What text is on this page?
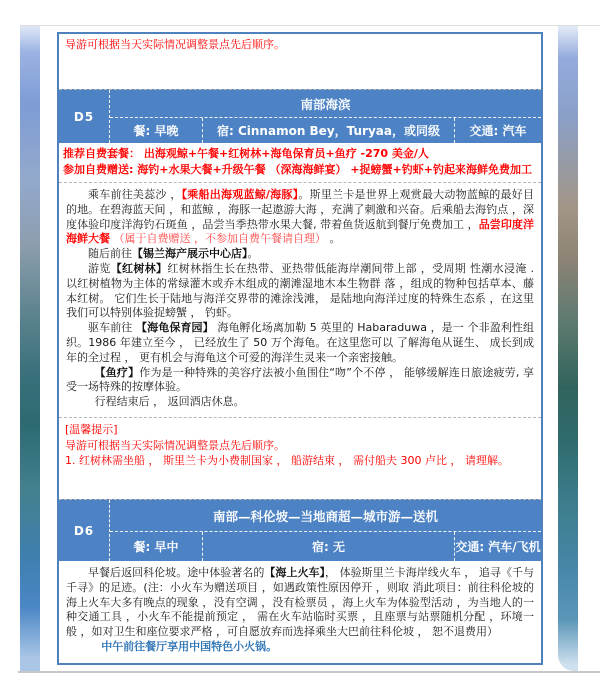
导游可根据当天实际情况调整景点先后顺序。
D5
南部海滨
餐: 早晚	宿: Cinnamon Bey，Turyaa，或同级	交通: 汽车
推荐自费套餐： 出海观鲸+午餐+红树林+海龟保育员+鱼疗 -270 美金/人
参加自费赠送: 海钓+水果大餐+升级午餐 （深海海鲜宴） +捉螃蟹+钓虾+钓起来海鲜免费加工

乘车前往美蕊沙 ，【乘船出海观蓝鲸/海豚】。斯里兰卡是世界上观赏最大动物蓝鲸的最好目的地。在碧海蓝天间 ，和蓝鲸 ，海豚一起遨游大海 ，充满了刺激和兴奋。后乘船去海钓点 ，深度体验印度洋海钓石斑鱼 ，品尝当季热带水果大餐, 带着鱼货返航到餐厅免费加工 ，品尝印度洋海鲜大餐 （属于自费赠送 ，不参加自费午餐请自理） 。

随后前往【锡兰海产展示中心店】。

游览【红树林】红树林指生长在热带、亚热带低能海岸潮间带上部 ，受周期 性潮水浸淹 . 以红树植物为主体的常绿灌木或乔木组成的潮滩湿地木本生物群 落 ，组成的物种包括草本、藤本红树。 它们生长于陆地与海洋交界带的滩涂浅滩， 是陆地向海洋过度的特殊生态系 ，在这里我们可以特别体验捉螃蟹 ， 钓虾。

驱车前往 【海龟保育园】 海龟孵化场离加勒 5 英里的 Habaraduwa ，是一 个非盈利性组织。1986 年建立至今 ， 已经放生了 50 万个海龟。在这里您可以 了解海龟从诞生、 成长到成年的全过程 ， 更有机会与海龟这个可爱的海洋生灵来一个亲密接触。

【鱼疗】作为是一种特殊的美容疗法被小鱼围住“吻”个不停 ， 能够缓解连日旅途疲劳, 享受一场特殊的按摩体验。

行程结束后 ， 返回酒店休息。

[温馨提示]
导游可根据当天实际情况调整景点先后顺序。
1. 红树林需坐船 ， 斯里兰卡为小费制国家 ， 船游结束 ， 需付船夫 300 卢比 ， 请理解。
D6
南部—科伦坡—当地商超—城市游—送机
餐: 早中	宿: 无	交通: 汽车/飞机

早餐后返回科伦坡。途中体验著名的【海上火车】， 体验斯里兰卡海岸线火车 ， 追寻《千与千寻》的足迹。(注：小火车为赠送项目 ，如遇政策性原因停开 ，则取 消此项目：前往科伦坡的海上火车大多有晚点的现象 ，没有空调 ，没有检票员 ，海上火车为体验型活动 ，为当地人的一种交通工具 ，小火车不能提前预定 ， 需在火车站临时买票 ，且座票与站票随机分配 ，环境一般 ，如对卫生和座位要求严格 ，可自愿放弃而选择乘坐大巴前往科伦坡 ， 恕不退费用）

中午前往餐厅享用中国特色小火锅。
